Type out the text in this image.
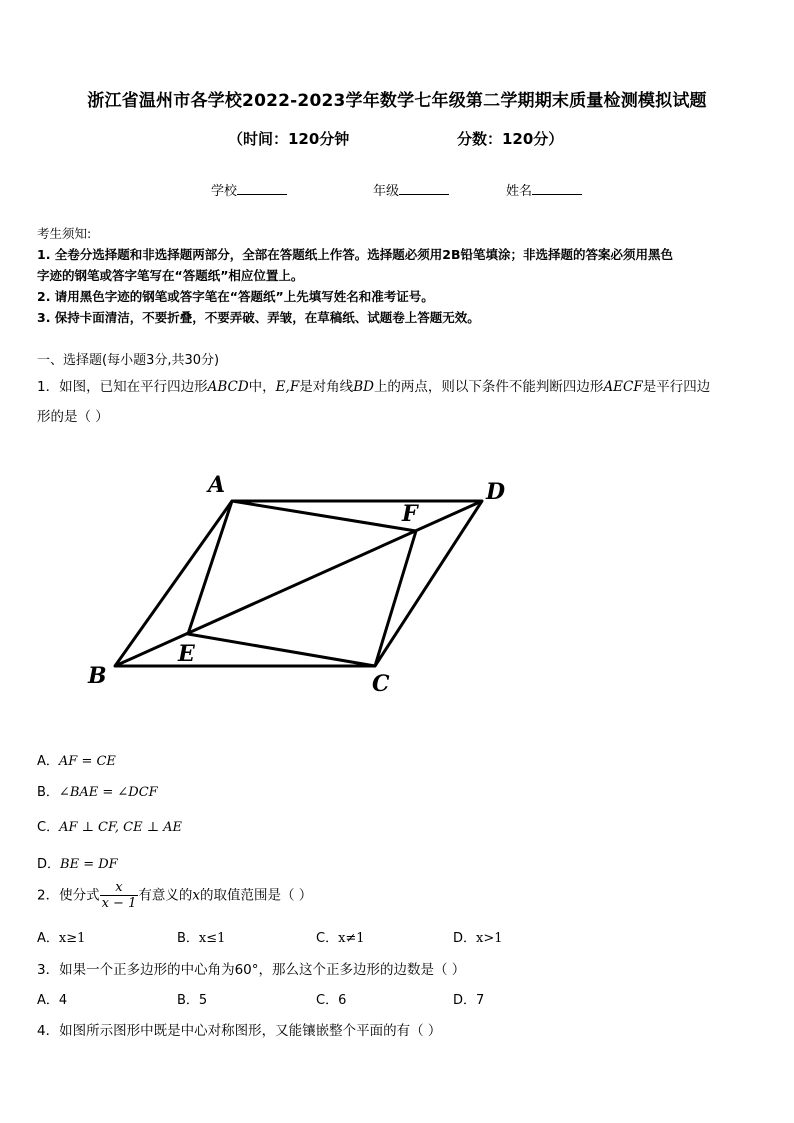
浙江省温州市各学校2022-2023学年数学七年级第二学期期末质量检测模拟试题
（时间：120分钟	分数：120分）
学校	年级	姓名
考生须知:
1. 全卷分选择题和非选择题两部分，全部在答题纸上作答。选择题必须用2B铅笔填涂；非选择题的答案必须用黑色
字迹的钢笔或答字笔写在“答题纸”相应位置上。
2. 请用黑色字迹的钢笔或答字笔在“答题纸”上先填写姓名和准考证号。
3. 保持卡面清洁，不要折叠，不要弄破、弄皱，在草稿纸、试题卷上答题无效。
一、选择题(每小题3分,共30分)
1．如图，已知在平行四边形ABCD中，E,F是对角线BD上的两点，则以下条件不能判断四边形AECF是平行四边
形的是（ ）
A	D
F
E
B	C
A．AF = CE
B．∠BAE = ∠DCF
C．AF ⊥ CF, CE ⊥ AE
D．BE = DF
2．使分式 $\frac{x}{x - 1}$ 有意义的x的取值范围是（ ）
A．x≥1	B．x≤1	C．x≠1	D．x>1
3．如果一个正多边形的中心角为60°，那么这个正多边形的边数是（ ）
A．4	B．5	C．6	D．7
4．如图所示图形中既是中心对称图形，又能镶嵌整个平面的有（ ）
